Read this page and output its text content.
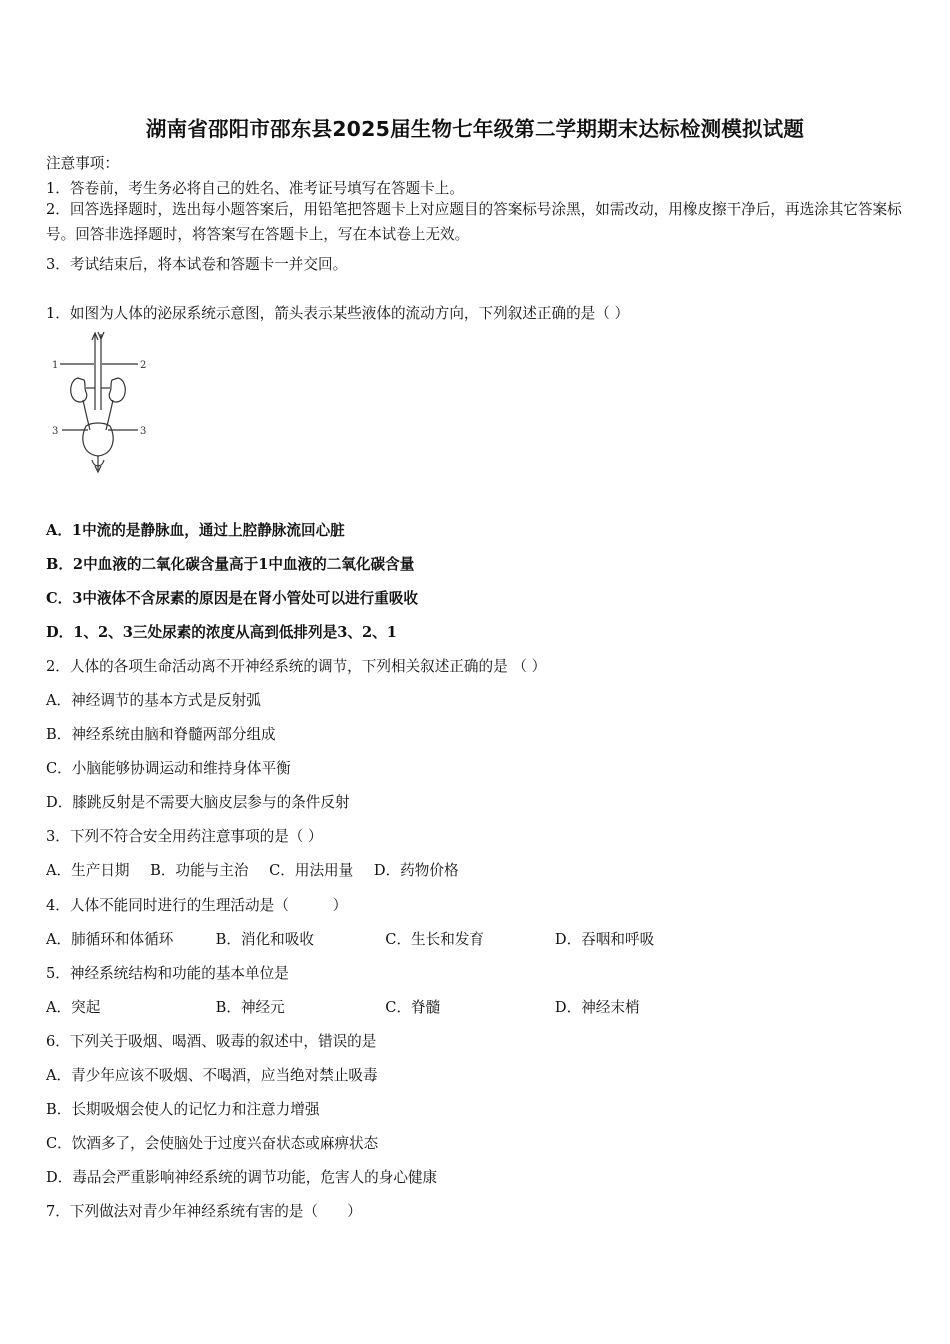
湖南省邵阳市邵东县2025届生物七年级第二学期期末达标检测模拟试题
注意事项：
1．答卷前，考生务必将自己的姓名、准考证号填写在答题卡上。
2．回答选择题时，选出每小题答案后，用铅笔把答题卡上对应题目的答案标号涂黑，如需改动，用橡皮擦干净后，再选涂其它答案标号。回答非选择题时，将答案写在答题卡上，写在本试卷上无效。
3．考试结束后，将本试卷和答题卡一并交回。
1．如图为人体的泌尿系统示意图，箭头表示某些液体的流动方向，下列叙述正确的是（ ）
1	2
3	3
A．1中流的是静脉血，通过上腔静脉流回心脏
B．2中血液的二氧化碳含量高于1中血液的二氧化碳含量
C．3中液体不含尿素的原因是在肾小管处可以进行重吸收
D．1、2、3三处尿素的浓度从高到低排列是3、2、1
2．人体的各项生命活动离不开神经系统的调节，下列相关叙述正确的是 （ ）
A．神经调节的基本方式是反射弧
B．神经系统由脑和脊髓两部分组成
C．小脑能够协调运动和维持身体平衡
D．膝跳反射是不需要大脑皮层参与的条件反射
3．下列不符合安全用药注意事项的是（ ）
A．生产日期 B．功能与主治 C．用法用量 D．药物价格
4．人体不能同时进行的生理活动是（　　　）
A．肺循环和体循环	B．消化和吸收	C．生长和发育	D．吞咽和呼吸
5．神经系统结构和功能的基本单位是
A．突起	B．神经元	C．脊髓	D．神经末梢
6．下列关于吸烟、喝酒、吸毒的叙述中，错误的是
A．青少年应该不吸烟、不喝酒，应当绝对禁止吸毒
B．长期吸烟会使人的记忆力和注意力增强
C．饮酒多了，会使脑处于过度兴奋状态或麻痹状态
D．毒品会严重影响神经系统的调节功能，危害人的身心健康
7．下列做法对青少年神经系统有害的是（　　）
